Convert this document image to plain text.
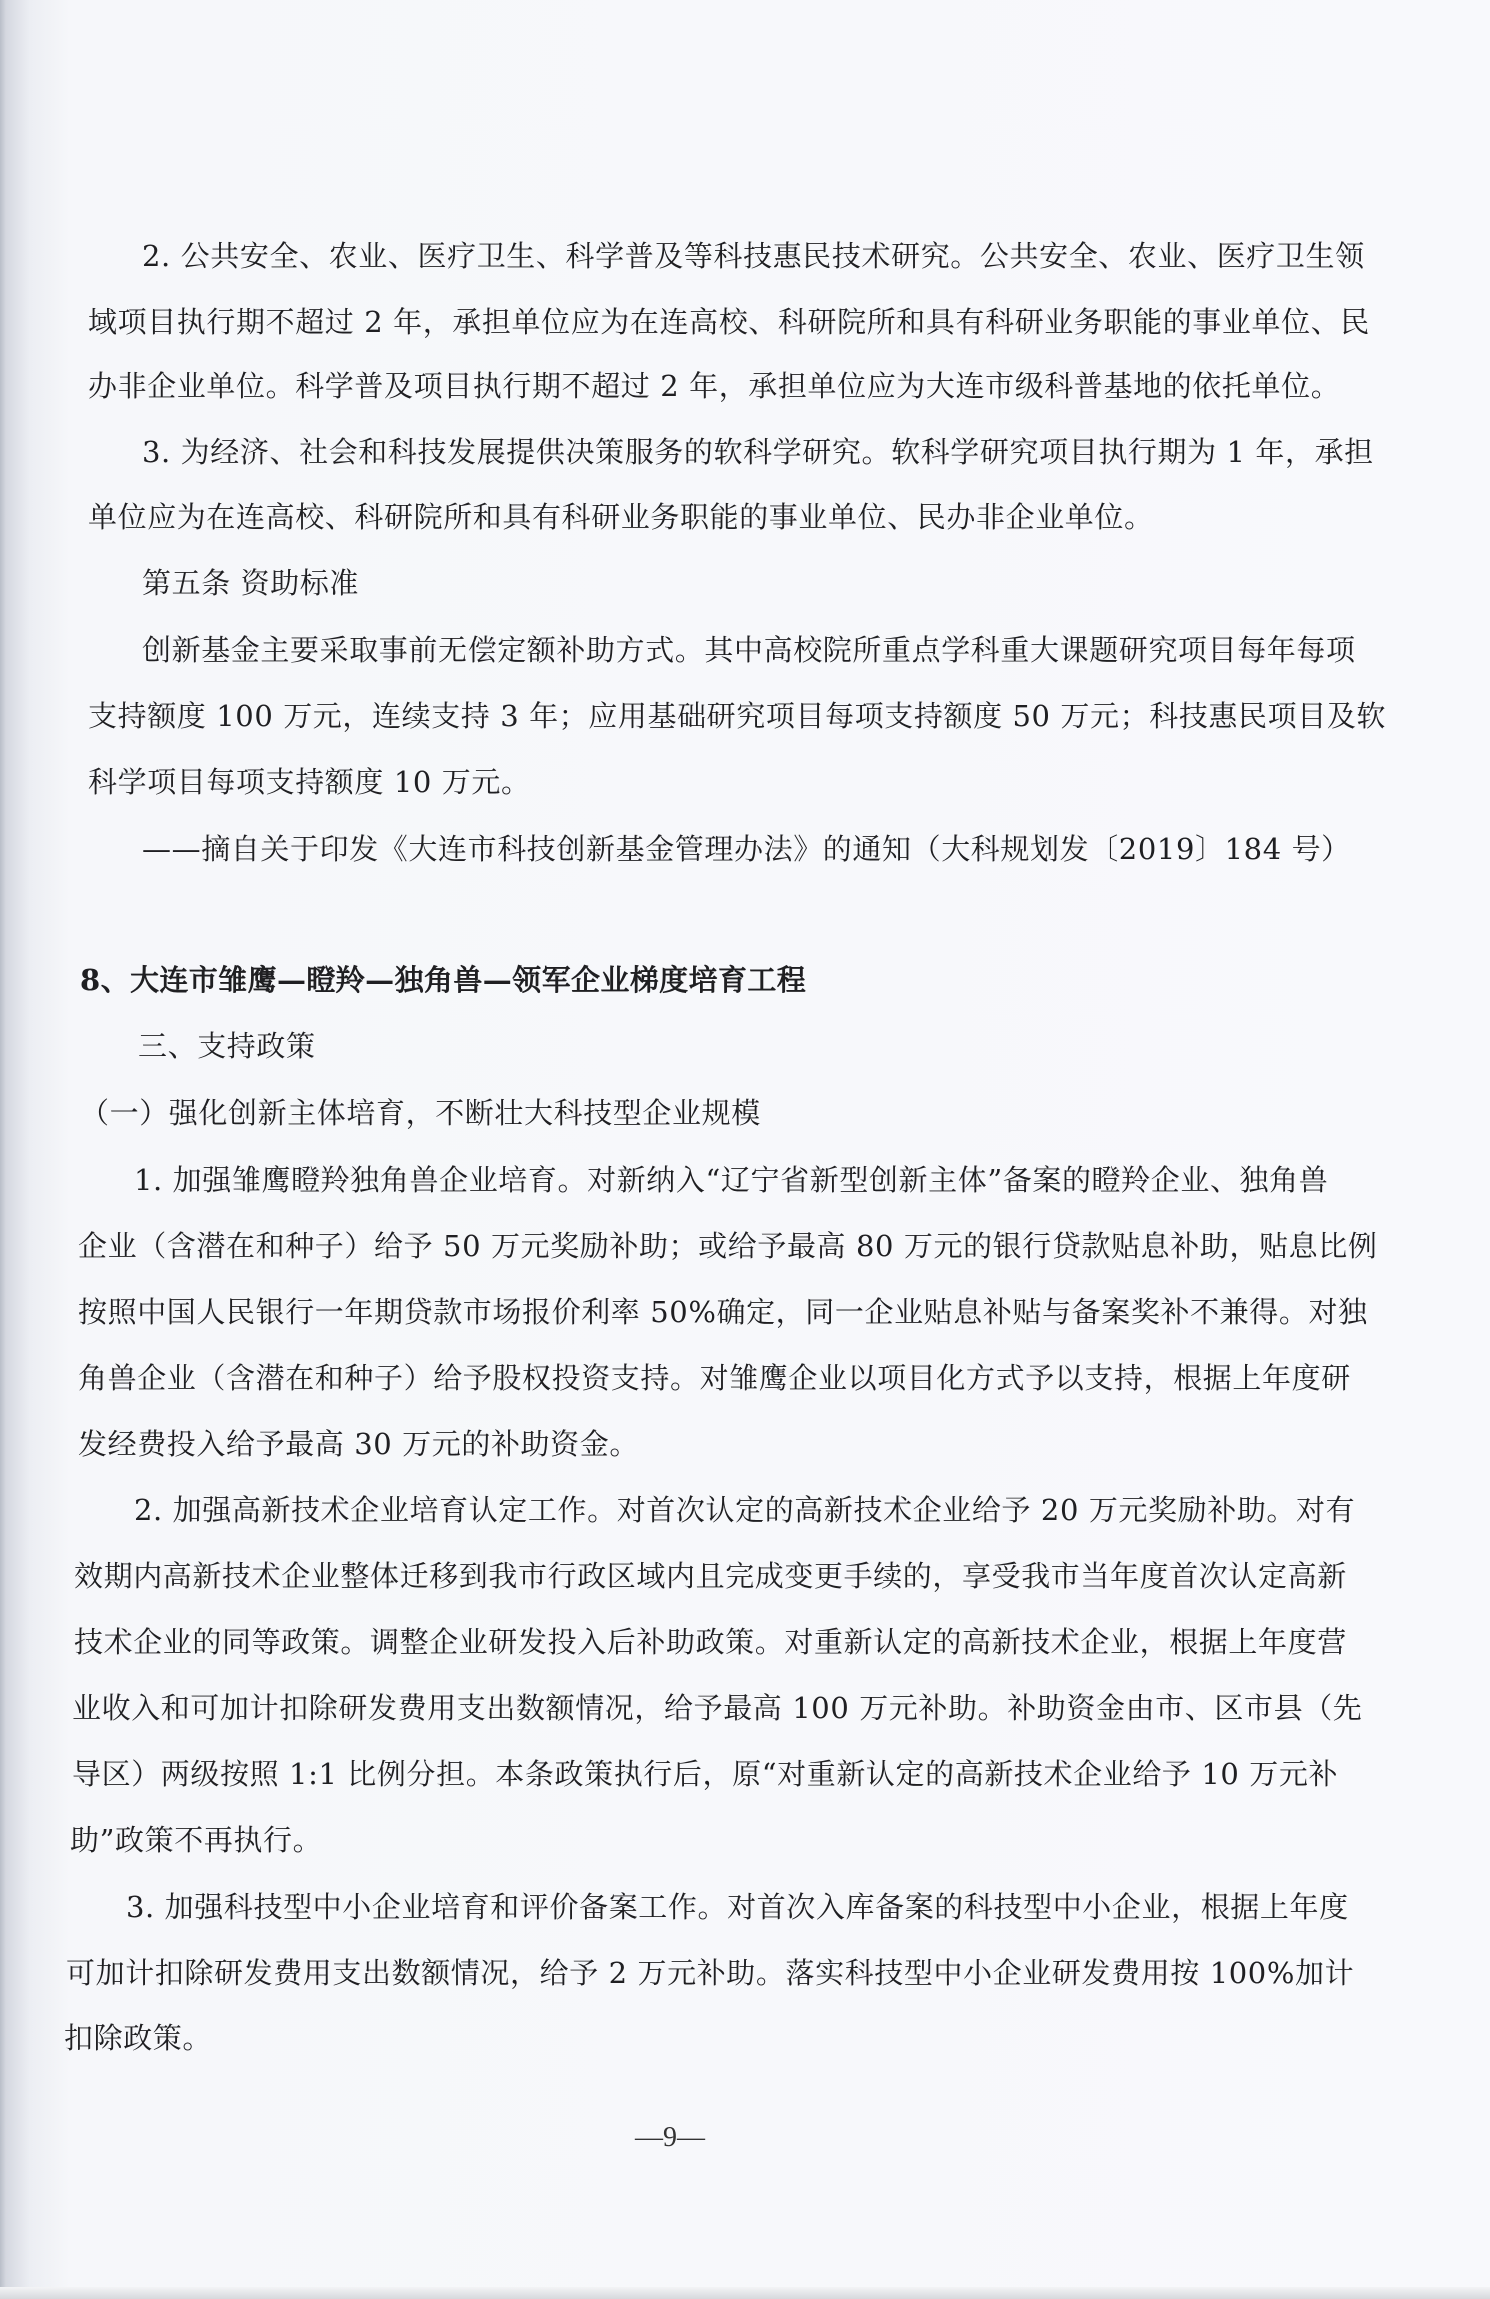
2. 公共安全、农业、医疗卫生、科学普及等科技惠民技术研究。公共安全、农业、医疗卫生领
域项目执行期不超过 2 年，承担单位应为在连高校、科研院所和具有科研业务职能的事业单位、民
办非企业单位。科学普及项目执行期不超过 2 年，承担单位应为大连市级科普基地的依托单位。
3. 为经济、社会和科技发展提供决策服务的软科学研究。软科学研究项目执行期为 1 年，承担
单位应为在连高校、科研院所和具有科研业务职能的事业单位、民办非企业单位。
第五条 资助标准
创新基金主要采取事前无偿定额补助方式。其中高校院所重点学科重大课题研究项目每年每项
支持额度 100 万元，连续支持 3 年；应用基础研究项目每项支持额度 50 万元；科技惠民项目及软
科学项目每项支持额度 10 万元。
——摘自关于印发《大连市科技创新基金管理办法》的通知（大科规划发〔2019〕184 号）
8、大连市雏鹰—瞪羚—独角兽—领军企业梯度培育工程
三、支持政策
（一）强化创新主体培育，不断壮大科技型企业规模
1. 加强雏鹰瞪羚独角兽企业培育。对新纳入“辽宁省新型创新主体”备案的瞪羚企业、独角兽
企业（含潜在和种子）给予 50 万元奖励补助；或给予最高 80 万元的银行贷款贴息补助，贴息比例
按照中国人民银行一年期贷款市场报价利率 50%确定，同一企业贴息补贴与备案奖补不兼得。对独
角兽企业（含潜在和种子）给予股权投资支持。对雏鹰企业以项目化方式予以支持，根据上年度研
发经费投入给予最高 30 万元的补助资金。
2. 加强高新技术企业培育认定工作。对首次认定的高新技术企业给予 20 万元奖励补助。对有
效期内高新技术企业整体迁移到我市行政区域内且完成变更手续的，享受我市当年度首次认定高新
技术企业的同等政策。调整企业研发投入后补助政策。对重新认定的高新技术企业，根据上年度营
业收入和可加计扣除研发费用支出数额情况，给予最高 100 万元补助。补助资金由市、区市县（先
导区）两级按照 1:1 比例分担。本条政策执行后，原“对重新认定的高新技术企业给予 10 万元补
助”政策不再执行。
3. 加强科技型中小企业培育和评价备案工作。对首次入库备案的科技型中小企业，根据上年度
可加计扣除研发费用支出数额情况，给予 2 万元补助。落实科技型中小企业研发费用按 100%加计
扣除政策。
—9—
